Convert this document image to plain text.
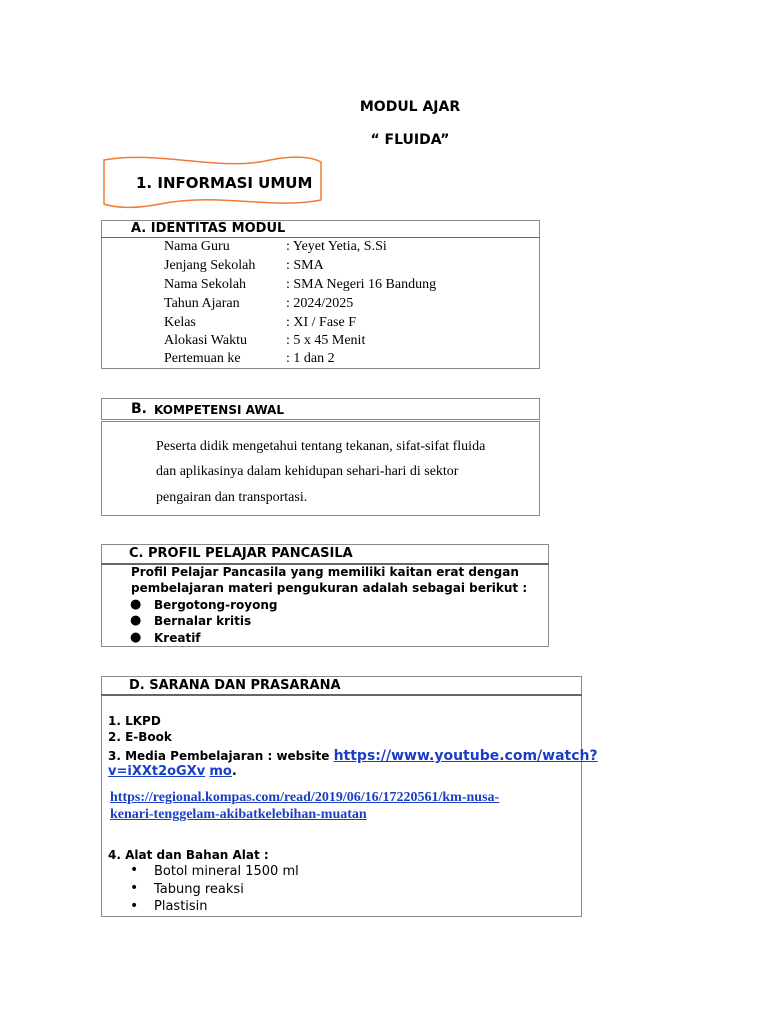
MODUL AJAR
“ FLUIDA”
1. INFORMASI UMUM
A. IDENTITAS MODUL
Nama Guru	: Yeyet Yetia, S.Si
Jenjang Sekolah : SMA
Nama Sekolah	: SMA Negeri 16 Bandung
Tahun Ajaran	: 2024/2025
Kelas	: XI / Fase F
Alokasi Waktu	: 5 x 45 Menit
Pertemuan ke	: 1 dan 2
B. KOMPETENSI AWAL
Peserta didik mengetahui tentang tekanan, sifat-sifat fluida
dan aplikasinya dalam kehidupan sehari-hari di sektor
pengairan dan transportasi.
C. PROFIL PELAJAR PANCASILA
Profil Pelajar Pancasila yang memiliki kaitan erat dengan
pembelajaran materi pengukuran adalah sebagai berikut :
● Bergotong-royong
● Bernalar kritis
● Kreatif
D. SARANA DAN PRASARANA
1. LKPD
2. E-Book
3. Media Pembelajaran : website https://www.youtube.com/watch?
v=iXXt2oGXv mo.
https://regional.kompas.com/read/2019/06/16/17220561/km-nusa-
kenari-tenggelam-akibatkelebihan-muatan
4. Alat dan Bahan Alat :
• Botol mineral 1500 ml
• Tabung reaksi
• Plastisin
